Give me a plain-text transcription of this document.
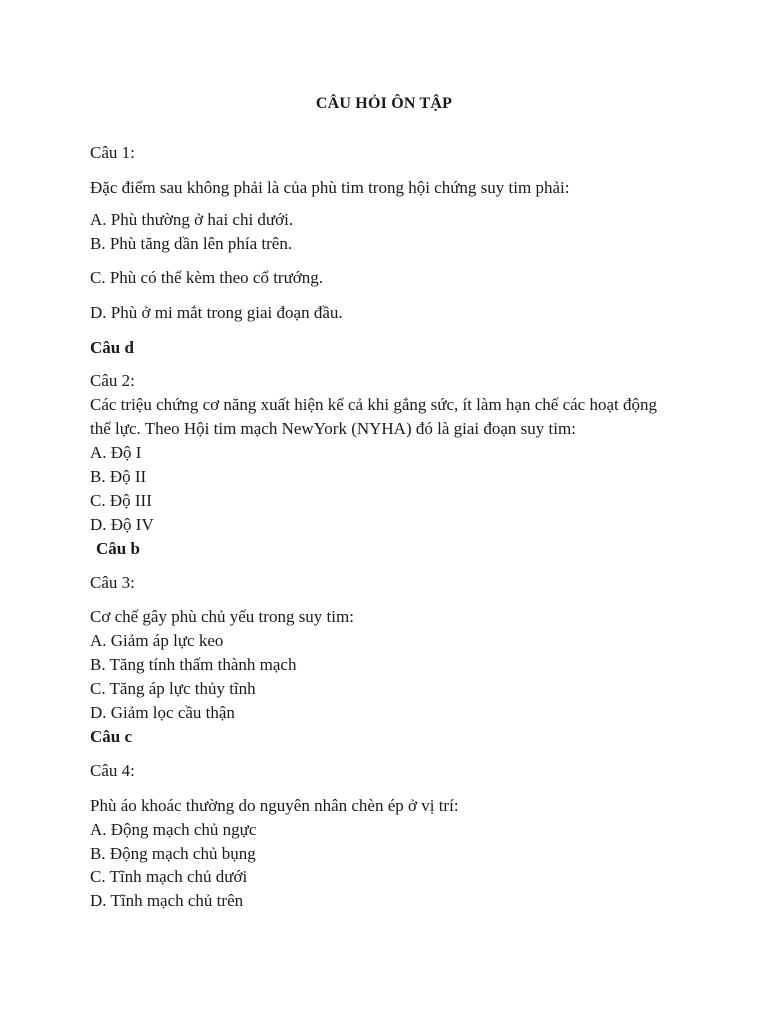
CÂU HỎI ÔN TẬP
Câu 1:
Đặc điểm sau không phải là của phù tim trong hội chứng suy tim phải:
A. Phù thường ở hai chi dưới.
B. Phù tăng dần lên phía trên.
C. Phù có thể kèm theo cổ trướng.
D. Phù ở mi mắt trong giai đoạn đầu.
Câu d
Câu 2:
Các triệu chứng cơ năng xuất hiện kể cả khi gắng sức, ít làm hạn chế các hoạt động
thể lực. Theo Hội tim mạch NewYork (NYHA) đó là giai đoạn suy tim:
A. Độ I
B. Độ II
C. Độ III
D. Độ IV
Câu b
Câu 3:
Cơ chế gây phù chủ yếu trong suy tim:
A. Giảm áp lực keo
B. Tăng tính thấm thành mạch
C. Tăng áp lực thủy tĩnh
D. Giảm lọc cầu thận
Câu c
Câu 4:
Phù áo khoác thường do nguyên nhân chèn ép ở vị trí:
A. Động mạch chủ ngực
B. Động mạch chủ bụng
C. Tĩnh mạch chủ dưới
D. Tĩnh mạch chủ trên
